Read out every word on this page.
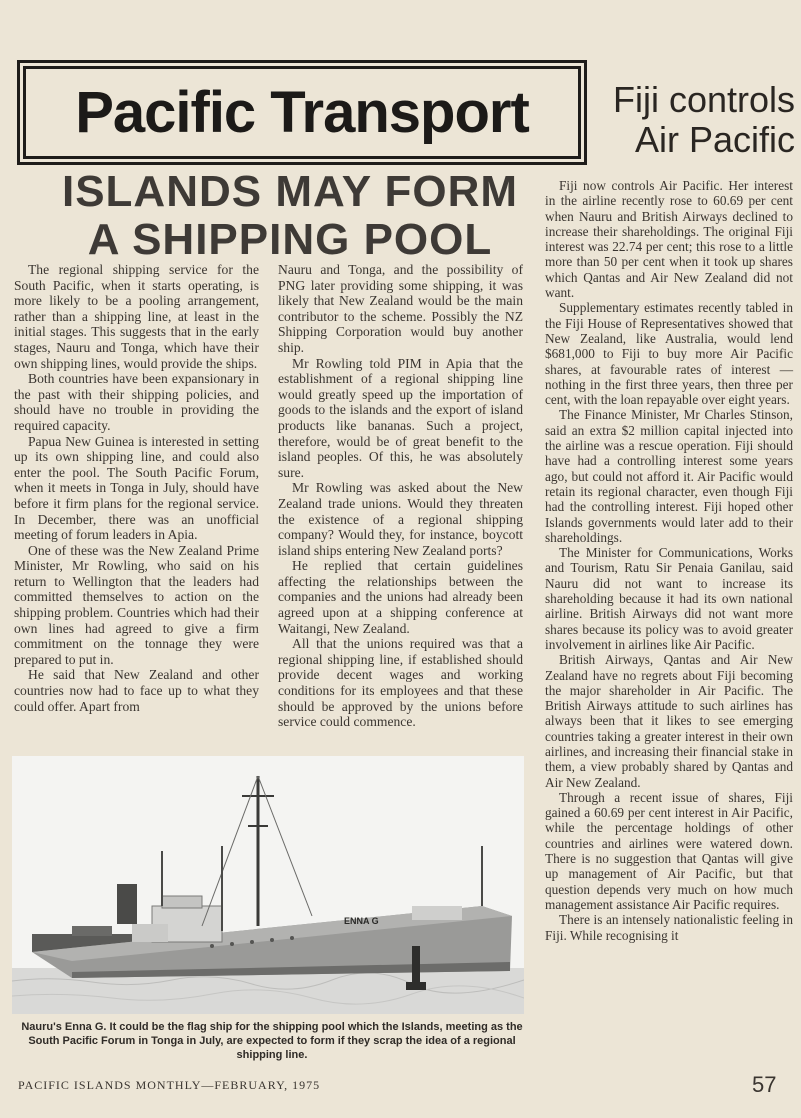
Pacific Transport	Fiji controls
Air Pacific
ISLANDS MAY FORM
A SHIPPING POOL

The regional shipping service for the South Pacific, when it starts operating, is more likely to be a pooling arrangement, rather than a shipping line, at least in the initial stages. This suggests that in the early stages, Nauru and Tonga, which have their own shipping lines, would provide the ships.

Both countries have been expansionary in the past with their shipping policies, and should have no trouble in providing the required capacity.

Papua New Guinea is interested in setting up its own shipping line, and could also enter the pool. The South Pacific Forum, when it meets in Tonga in July, should have before it firm plans for the regional service. In December, there was an unofficial meeting of forum leaders in Apia.

One of these was the New Zealand Prime Minister, Mr Rowling, who said on his return to Wellington that the leaders had committed themselves to action on the shipping problem. Countries which had their own lines had agreed to give a firm commitment on the tonnage they were prepared to put in.

He said that New Zealand and other countries now had to face up to what they could offer. Apart from

Nauru and Tonga, and the possibility of PNG later providing some shipping, it was likely that New Zealand would be the main contributor to the scheme. Possibly the NZ Shipping Corporation would buy another ship.

Mr Rowling told PIM in Apia that the establishment of a regional shipping line would greatly speed up the importation of goods to the islands and the export of island products like bananas. Such a project, therefore, would be of great benefit to the island peoples. Of this, he was absolutely sure.

Mr Rowling was asked about the New Zealand trade unions. Would they threaten the existence of a regional shipping company? Would they, for instance, boycott island ships entering New Zealand ports?

He replied that certain guidelines affecting the relationships between the companies and the unions had already been agreed upon at a shipping conference at Waitangi, New Zealand.

All that the unions required was that a regional shipping line, if established should provide decent wages and working conditions for its employees and that these should be approved by the unions before service could commence.

Fiji now controls Air Pacific. Her interest in the airline recently rose to 60.69 per cent when Nauru and British Airways declined to increase their shareholdings. The original Fiji interest was 22.74 per cent; this rose to a little more than 50 per cent when it took up shares which Qantas and Air New Zealand did not want.

Supplementary estimates recently tabled in the Fiji House of Representatives showed that New Zealand, like Australia, would lend $681,000 to Fiji to buy more Air Pacific shares, at favourable rates of interest —nothing in the first three years, then three per cent, with the loan repayable over eight years.

The Finance Minister, Mr Charles Stinson, said an extra $2 million capital injected into the airline was a rescue operation. Fiji should have had a controlling interest some years ago, but could not afford it. Air Pacific would retain its regional character, even though Fiji had the controlling interest. Fiji hoped other Islands governments would later add to their shareholdings.

The Minister for Communications, Works and Tourism, Ratu Sir Penaia Ganilau, said Nauru did not want to increase its shareholding because it had its own national airline. British Airways did not want more shares because its policy was to avoid greater involvement in airlines like Air Pacific.

British Airways, Qantas and Air New Zealand have no regrets about Fiji becoming the major shareholder in Air Pacific. The British Airways attitude to such airlines has always been that it likes to see emerging countries taking a greater interest in their own airlines, and increasing their financial stake in them, a view probably shared by Qantas and Air New Zealand.

Through a recent issue of shares, Fiji gained a 60.69 per cent interest in Air Pacific, while the percentage holdings of other countries and airlines were watered down. There is no suggestion that Qantas will give up management of Air Pacific, but that question depends very much on how much management assistance Air Pacific requires.

There is an intensely nationalistic feeling in Fiji. While recognising it

ENNA G
Nauru's Enna G. It could be the flag ship for the shipping pool which the Islands, meeting as the South Pacific Forum in Tonga in July, are expected to form if they scrap the idea of a regional shipping line.
PACIFIC ISLANDS MONTHLY—FEBRUARY, 1975	57
